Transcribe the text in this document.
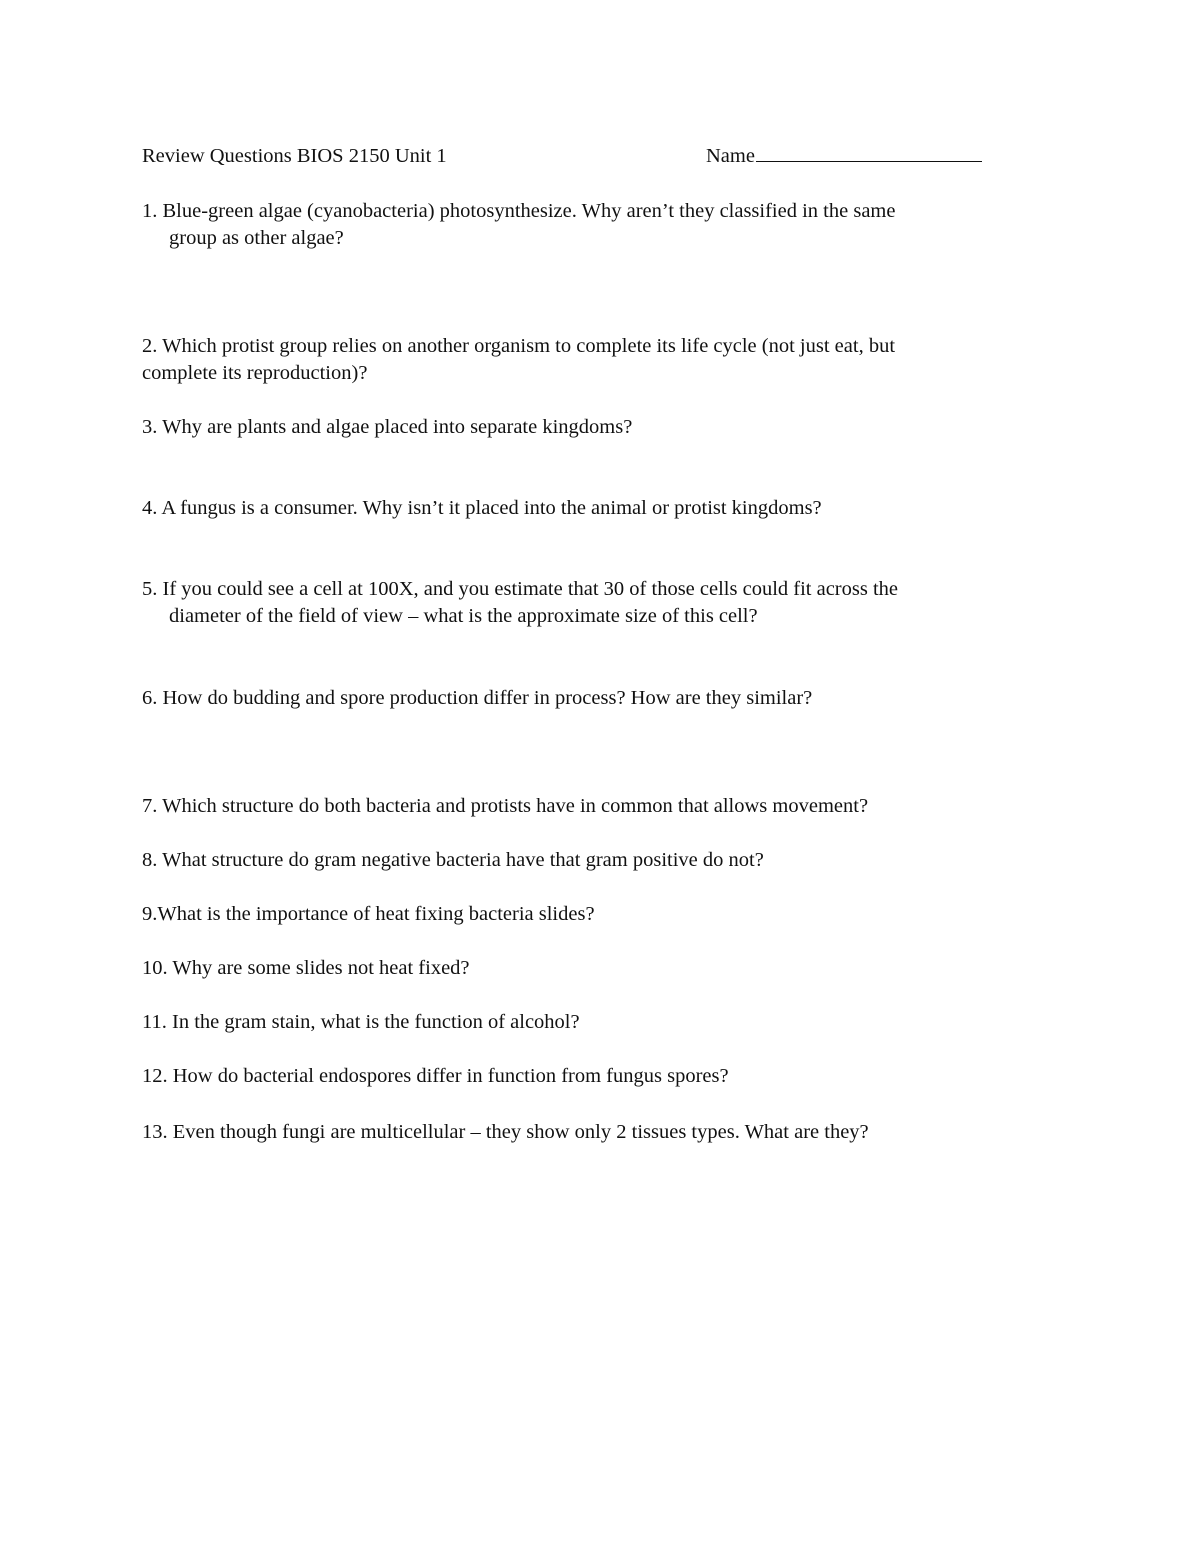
Review Questions BIOS 2150 Unit 1	Name
1. Blue-green algae (cyanobacteria) photosynthesize. Why aren’t they classified in the same
group as other algae?
2. Which protist group relies on another organism to complete its life cycle (not just eat, but
complete its reproduction)?
3. Why are plants and algae placed into separate kingdoms?
4. A fungus is a consumer. Why isn’t it placed into the animal or protist kingdoms?
5. If you could see a cell at 100X, and you estimate that 30 of those cells could fit across the
diameter of the field of view – what is the approximate size of this cell?
6. How do budding and spore production differ in process? How are they similar?
7. Which structure do both bacteria and protists have in common that allows movement?
8. What structure do gram negative bacteria have that gram positive do not?
9.What is the importance of heat fixing bacteria slides?
10. Why are some slides not heat fixed?
11. In the gram stain, what is the function of alcohol?
12. How do bacterial endospores differ in function from fungus spores?
13. Even though fungi are multicellular – they show only 2 tissues types. What are they?
